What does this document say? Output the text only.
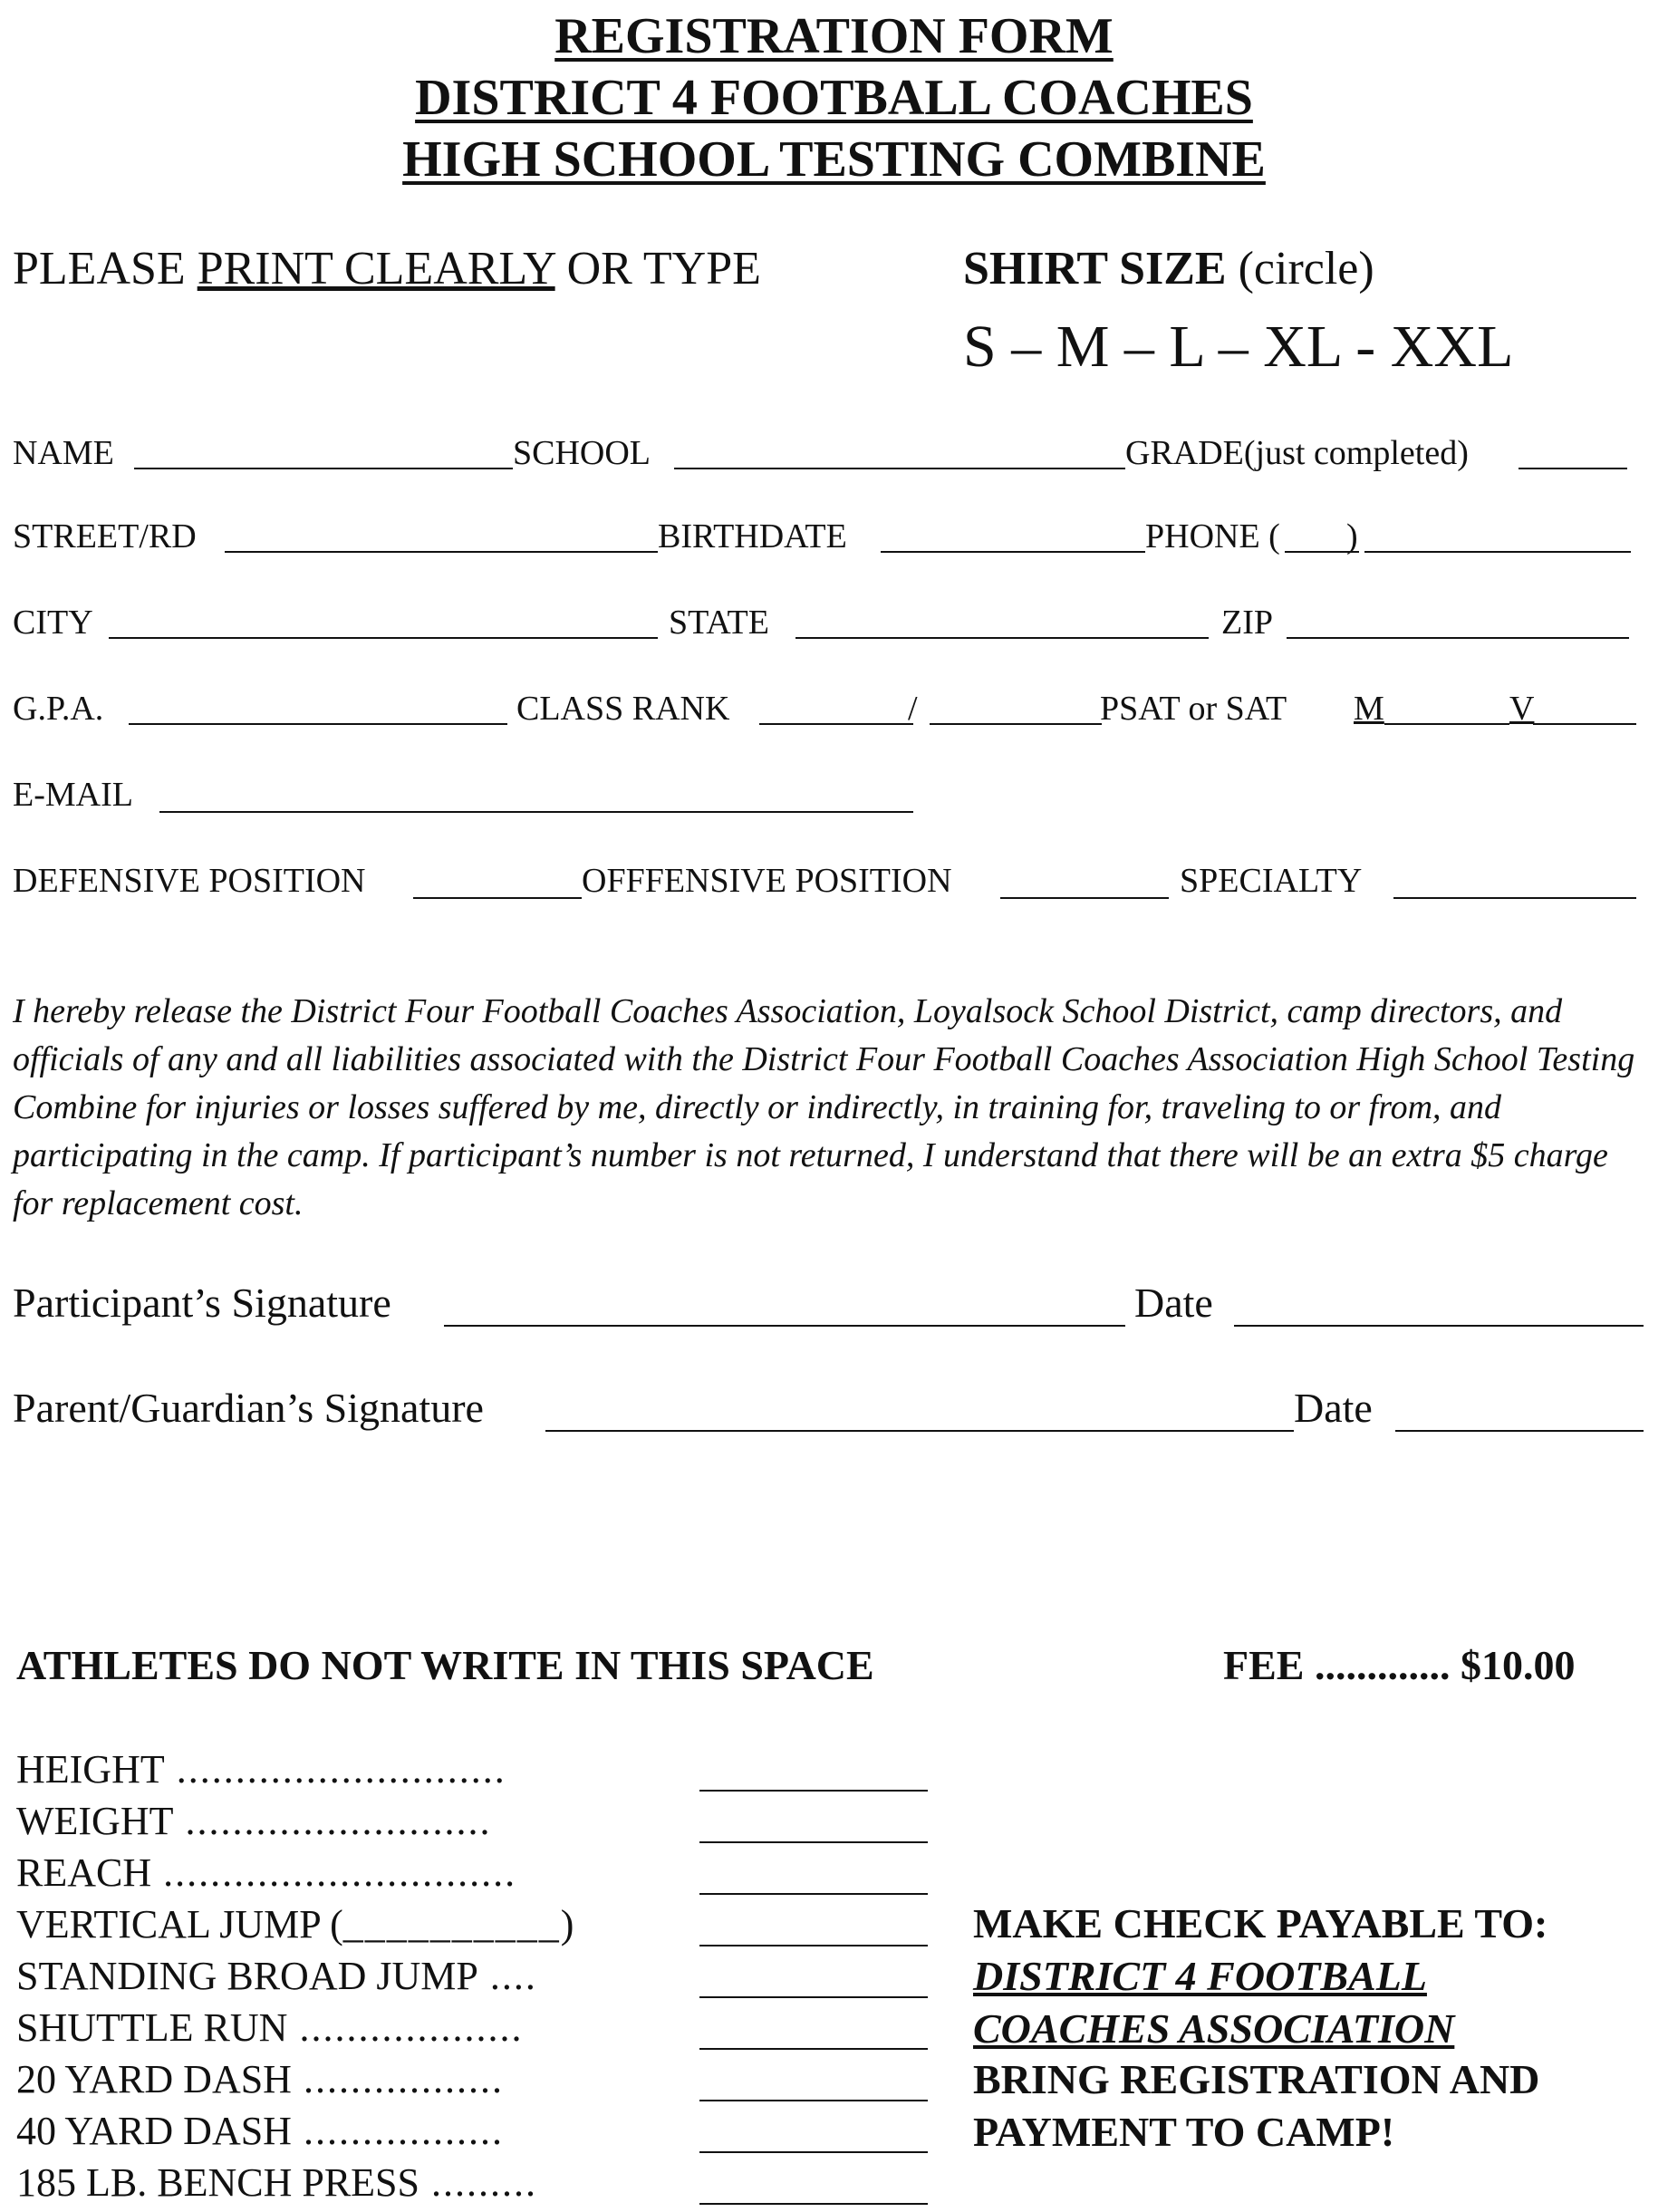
REGISTRATION FORM
DISTRICT 4 FOOTBALL COACHES
HIGH SCHOOL TESTING COMBINE
PLEASE PRINT CLEARLY OR TYPE	SHIRT SIZE (circle)
S – M – L – XL - XXL
NAME	SCHOOL	GRADE(just completed)
STREET/RD	BIRTHDATE	PHONE ( )
CITY	STATE	ZIP
G.P.A.	CLASS RANK	/	PSAT or SAT M	V
E-MAIL
DEFENSIVE POSITION	OFFFENSIVE POSITION	SPECIALTY
I hereby release the District Four Football Coaches Association, Loyalsock School District, camp directors, and officials of any and all liabilities associated with the District Four Football Coaches Association High School Testing Combine for injuries or losses suffered by me, directly or indirectly, in training for, traveling to or from, and participating in the camp. If participant’s number is not returned, I understand that there will be an extra $5 charge for replacement cost.
Participant’s Signature	Date
Parent/Guardian’s Signature	Date
ATHLETES DO NOT WRITE IN THIS SPACE	FEE ............. $10.00
HEIGHT ............................
WEIGHT ..........................
REACH ..............................
VERTICAL JUMP (__________)
STANDING BROAD JUMP ....
SHUTTLE RUN ...................
20 YARD DASH .................
40 YARD DASH .................
185 LB. BENCH PRESS .........
MAKE CHECK PAYABLE TO:
DISTRICT 4 FOOTBALL
COACHES ASSOCIATION
BRING REGISTRATION AND
PAYMENT TO CAMP!
